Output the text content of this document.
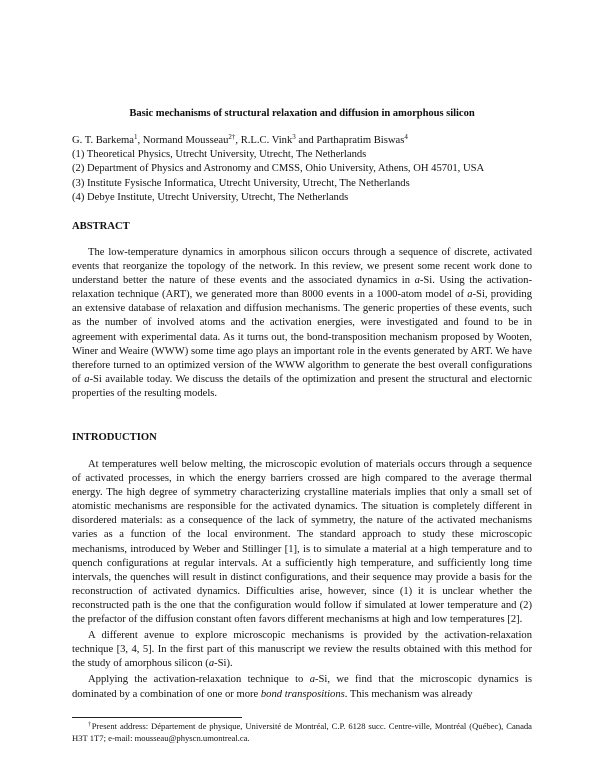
Basic mechanisms of structural relaxation and diffusion in amorphous silicon
G. T. Barkema$^1$, Normand Mousseau$^{2\dagger}$, R.L.C. Vink$^3$ and Parthapratim Biswas$^4$
(1) Theoretical Physics, Utrecht University, Utrecht, The Netherlands
(2) Department of Physics and Astronomy and CMSS, Ohio University, Athens, OH 45701, USA
(3) Institute Fysische Informatica, Utrecht University, Utrecht, The Netherlands
(4) Debye Institute, Utrecht University, Utrecht, The Netherlands
ABSTRACT

The low-temperature dynamics in amorphous silicon occurs through a sequence of discrete, activated events that reorganize the topology of the network. In this review, we present some recent work done to understand better the nature of these events and the associated dynamics in a-Si. Using the activation-relaxation technique (ART), we generated more than 8000 events in a 1000-atom model of a-Si, providing an extensive database of relaxation and diffusion mechanisms. The generic properties of these events, such as the number of involved atoms and the activation energies, were investigated and found to be in agreement with experimental data. As it turns out, the bond-transposition mechanism proposed by Wooten, Winer and Weaire (WWW) some time ago plays an important role in the events generated by ART. We have therefore turned to an optimized version of the WWW algorithm to generate the best overall configurations of a-Si available today. We discuss the details of the optimization and present the structural and electornic properties of the resulting models.

INTRODUCTION

At temperatures well below melting, the microscopic evolution of materials occurs through a sequence of activated processes, in which the energy barriers crossed are high compared to the average thermal energy. The high degree of symmetry characterizing crystalline materials implies that only a small set of atomistic mechanisms are responsible for the activated dynamics. The situation is completely different in disordered materials: as a consequence of the lack of symmetry, the nature of the activated mechanisms varies as a function of the local environment. The standard approach to study these microscopic mechanisms, introduced by Weber and Stillinger [1], is to simulate a material at a high temperature and to quench configurations at regular intervals. At a sufficiently high temperature, and sufficiently long time intervals, the quenches will result in distinct configurations, and their sequence may provide a basis for the reconstruction of activated dynamics. Difficulties arise, however, since (1) it is unclear whether the reconstructed path is the one that the configuration would follow if simulated at lower temperature and (2) the prefactor of the diffusion constant often favors different mechanisms at high and low temperatures [2].

A different avenue to explore microscopic mechanisms is provided by the activation-relaxation technique [3, 4, 5]. In the first part of this manuscript we review the results obtained with this method for the study of amorphous silicon (a-Si).

Applying the activation-relaxation technique to a-Si, we find that the microscopic dynamics is dominated by a combination of one or more bond transpositions. This mechanism was already

†Present address: Département de physique, Université de Montréal, C.P. 6128 succ. Centre-ville, Montréal (Québec), Canada H3T 1T7; e-mail: mousseau@physcn.umontreal.ca.
